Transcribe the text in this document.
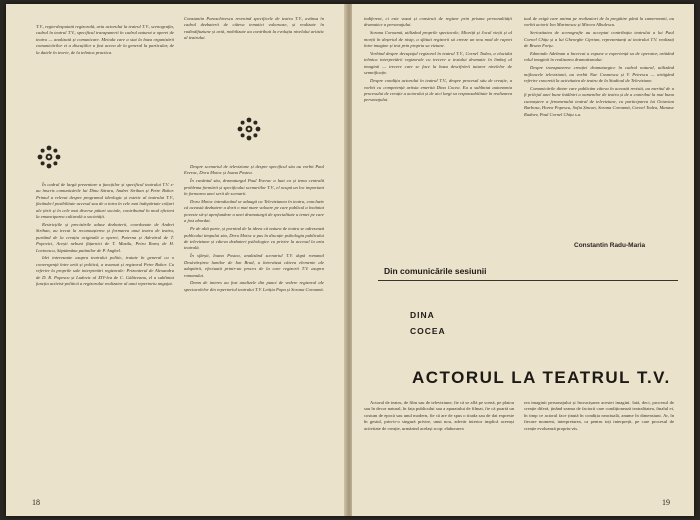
T.V., regia-despuiată regizorală, arta actorului la teatrul T.V., scenografia, cadrul în teatrul T.V., specificul transpunerii în cadrul naturat a operei de teatru — analizată și comunicare. Metoda care a stat la baza organizării comunicărilor ei a discuțiilor a fost aceea de la general la particular, de la datele în teorie, de la tehnica practica.

În cadrul de largă prezentare a funcțiilor și specificul teatrului T.V. s-au înscris comunicările lui Dinu Săraru, Andrei Strihan și Petre Bokor. Primul a relevat despre programul ideologic și estetic al teatrului T.V., făcându-l posibilitate accesul sau de a intra în cele mai îndepărtate colțuri ale țării și în cele mai diverse pături sociale, contribuind în mod eficient la emanciparea culturală a societății.

Restricțiile și precizările aduse dezbaterii, coordonate de Andrei Strihan, au trecut la recunoașterea și formarea unui teatru de teatru, purtând de la creația originală a operei, Paterna și Adevărul de T. Popovici, Acești nebuni fățarnici de T. Mazilu, Petru Rareș de H. Lovinescu, Săptămâna patimilor de P. Anghel.

Idei interesante asupra teatrului politic, tratate în general cu o convergență între artă și politică, a avansat și regizorul Petre Bokor. Cu referire la proprile sale interpretări regizorale: Prizonierul de Alexandru de D. R. Popescu și Ludovic al XIV-lea de C. Gălăceanu, el a subliniat funcția activist-politică a regizorului realizator al unui repertoriu angajat.

Constantin Paraschivescu revenind specificele de teatru T.V., avânsa în cadrul dezbaterii de câteva tematici valoroase, și realizate în radiodifuziune și artă, mobilizate au contribuit la evoluția nivelului artistic al teatrului.

Despre scenariul de televiziune și despre specificul său au vorbit Paul Everac, Doru Motoc și Ioana Postea.

În cuvântul său, dramaturgul Paul Everac a luat ca și tema centrală problema formării și specificului scenariilor T.V., el ocupă un loc important în formarea unei serii de scenarii.

Doru Motoc introducând se adaugă ca Televiziunea în teatru, concluziv că această dezbatere a dorit o mai mare valoare pe care publicul a încântat poveste să-și aprofundeze a unei dramaturgii de specialitate a temei pe care a fost abordat.

Pe de altă parte, și pornind de la ideea că natura de teatru se adresează publicului timpului său, Doru Motoc a pus în discuție psihologia publicului de televiziune și câteva dezbateri psihologice cu privire la accesul la arta teatrală.

În sfârșit, Ioana Postea, analizând scenariul T.V. după romanul Desăvârșirea lumilor de Ion Brad, a întrevăzut câteva elemente ale adaptării, efectuată printr-un proces de la care regizorii T.V. asupra romanului.

Demn de interes au fost analizele din punct de vedere regizoral ale spectacolelor din repertoriul teatrului T.V. Letiția Popa și Sorana Coroamă.

18

indiferent, ci este vazut și construit de regizor prin prisma personalității dramatice a personajului.

Sorana Coroamă, utilizând proprile spectacole, Mioriță și Jocul vieții și al morții în deșertul de nisip, a sfătuit regizorii să creeze un nou mod de raport între imagine și text prin propria sa viziune.

Vorbind despre decupajul regizoral în teatrul T.V., Cornel Todea, a elucidat tehnica interpretării regizorale cu trecere a textului dramatic în limbaj al imaginii — trecere care se face la baza descifrării tuturor nivelelor de semnificație.

Despre condiția actorului în teatrul T.V., despre procesul său de creație, a vorbit cu competență artista emerită Dina Cocea. Ea a subliniat autonomia procesului de creație a actorului și de aici largi sa responsabilitate în realizarea personajului.

tual de exigă care anima pe realizatori de la pregătire până la camermanii, au vorbit actorii Ion Marinescu și Mircea Albulescu.

Seriozitatea de scenografie au acceptat contribuția teatrului a lui Paul Cornel Chițu și a lui Gheorghe Ciprian, reprezentanți ai teatrului T.V. realizați de Bruno Forțu.

Edmondo Adelman a încercat a expune a experiență sa de operator, arătând rolul imaginii în realizarea dramatismului.

Despre transpunerea creației dramaturgice în cadrul natural, utilizând mijloacele televiziunii, au vorbit Nae Cosmescu și V. Petrescu — atrăgând referire concretă la activitatea de teatru de la Studioul de Televiziune.

Comunicările dintre care publicăm câteva în această revistă, au meritul de a fi prilejul unei bune întâlniri a oamenilor de teatru și de a contribui la mai buna cunoaștere a fenomenului teatral de televiziune, cu participarea lui Octavian Barbosa, Horea Popescu, Sofia Șincan, Sorana Coroamă, Cornel Todea, Manase Radnev, Paul Cornel Chițu s.a.

Constantin Radu-Maria
Din comunicările sesiunii
DINA
COCEA
ACTORUL LA TEATRUL T.V.

Actorul de teatru, de film sau de televiziune, fie că se află pe scenă, pe platou sau în decor natural, în fața publicului sau a aparatului de filmat, fie că poartă un costum de epocă sau unul modern, fie că are de spus o tirada sau de dat expresie în gestul, prin-tr-o singură privire, unui nou, adevăr interior implică aceeași activitate de creație, urmărind același scop: elaborarea

rea imaginii personajului și încrucișarea acestei imagini. Iată, deci, procesul de creație diferă, ținând seama de factorii care condiționează teatralitatea, finalul ei, în timp ce actorul face ținută în condiția neactuală, anume în dimensiuni. Ar, în fiecare moment, interpretarea, ca pentru toți interpreții, pe care procesul de creație evoluează propriu-zis.

19
